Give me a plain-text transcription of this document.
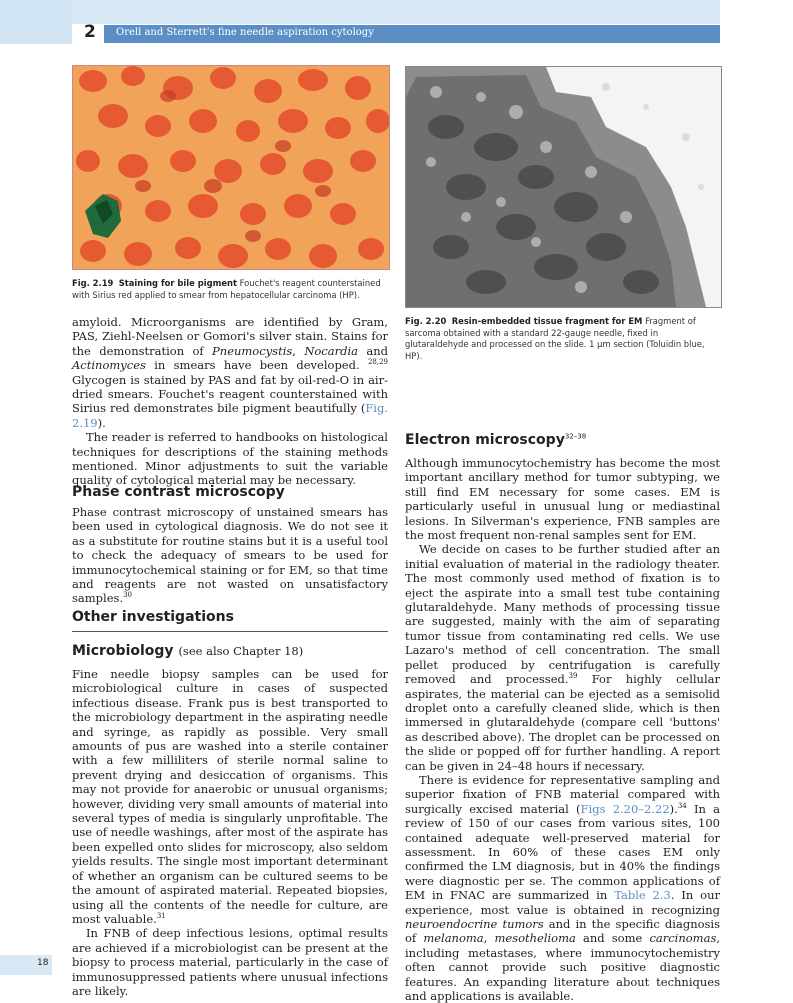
2 Orell and Sterrett's fine needle aspiration cytology
Fig. 2.19 Staining for bile pigment Fouchet's reagent counterstained with Sirius red applied to smear from hepatocellular carcinoma (HP).
Fig. 2.20 Resin-embedded tissue fragment for EM Fragment of sarcoma obtained with a standard 22-gauge needle, fixed in glutaraldehyde and processed on the slide. 1 μm section (Toluidin blue, HP).

amyloid. Microorganisms are identified by Gram, PAS, Ziehl-Neelsen or Gomori's silver stain. Stains for the demonstration of Pneumocystis, Nocardia and Actinomyces in smears have been developed. $^{28,29}$ Glycogen is stained by PAS and fat by oil-red-O in air-dried smears. Fouchet's reagent counterstained with Sirius red demonstrates bile pigment beautifully (Fig. 2.19).

The reader is referred to handbooks on histological techniques for descriptions of the staining methods mentioned. Minor adjustments to suit the variable quality of cytological material may be necessary.

Phase contrast microscopy

Phase contrast microscopy of unstained smears has been used in cytological diagnosis. We do not see it as a substitute for routine stains but it is a useful tool to check the adequacy of smears to be used for immunocytochemical staining or for EM, so that time and reagents are not wasted on unsatisfactory samples.$^{30}$

Other investigations
Microbiology (see also Chapter 18)

Fine needle biopsy samples can be used for microbiological culture in cases of suspected infectious disease. Frank pus is best transported to the microbiology department in the aspirating needle and syringe, as rapidly as possible. Very small amounts of pus are washed into a sterile container with a few milliliters of sterile normal saline to prevent drying and desiccation of organisms. This may not provide for anaerobic or unusual organisms; however, dividing very small amounts of material into several types of media is singularly unprofitable. The use of needle washings, after most of the aspirate has been expelled onto slides for microscopy, also seldom yields results. The single most important determinant of whether an organism can be cultured seems to be the amount of aspirated material. Repeated biopsies, using all the contents of the needle for culture, are most valuable.$^{31}$

In FNB of deep infectious lesions, optimal results are achieved if a microbiologist can be present at the biopsy to process material, particularly in the case of immunosuppressed patients where unusual infections are likely.

Electron microscopy$^{32-38}$

Although immunocytochemistry has become the most important ancillary method for tumor subtyping, we still find EM necessary for some cases. EM is particularly useful in unusual lung or mediastinal lesions. In Silverman's experience, FNB samples are the most frequent non-renal samples sent for EM.

We decide on cases to be further studied after an initial evaluation of material in the radiology theater. The most commonly used method of fixation is to eject the aspirate into a small test tube containing glutaraldehyde. Many methods of processing tissue are suggested, mainly with the aim of separating tumor tissue from contaminating red cells. We use Lazaro's method of cell concentration. The small pellet produced by centrifugation is carefully removed and processed.$^{39}$ For highly cellular aspirates, the material can be ejected as a semisolid droplet onto a carefully cleaned slide, which is then immersed in glutaraldehyde (compare cell 'buttons' as described above). The droplet can be processed on the slide or popped off for further handling. A report can be given in 24–48 hours if necessary.

There is evidence for representative sampling and superior fixation of FNB material compared with surgically excised material (Figs 2.20–2.22).$^{34}$ In a review of 150 of our cases from various sites, 100 contained adequate well-preserved material for assessment. In 60% of these cases EM only confirmed the LM diagnosis, but in 40% the findings were diagnostic per se. The common applications of EM in FNAC are summarized in Table 2.3. In our experience, most value is obtained in recognizing neuroendocrine tumors and in the specific diagnosis of melanoma, mesothelioma and some carcinomas, including metastases, where immunocytochemistry often cannot provide such positive diagnostic features. An expanding literature about techniques and applications is available.

18
